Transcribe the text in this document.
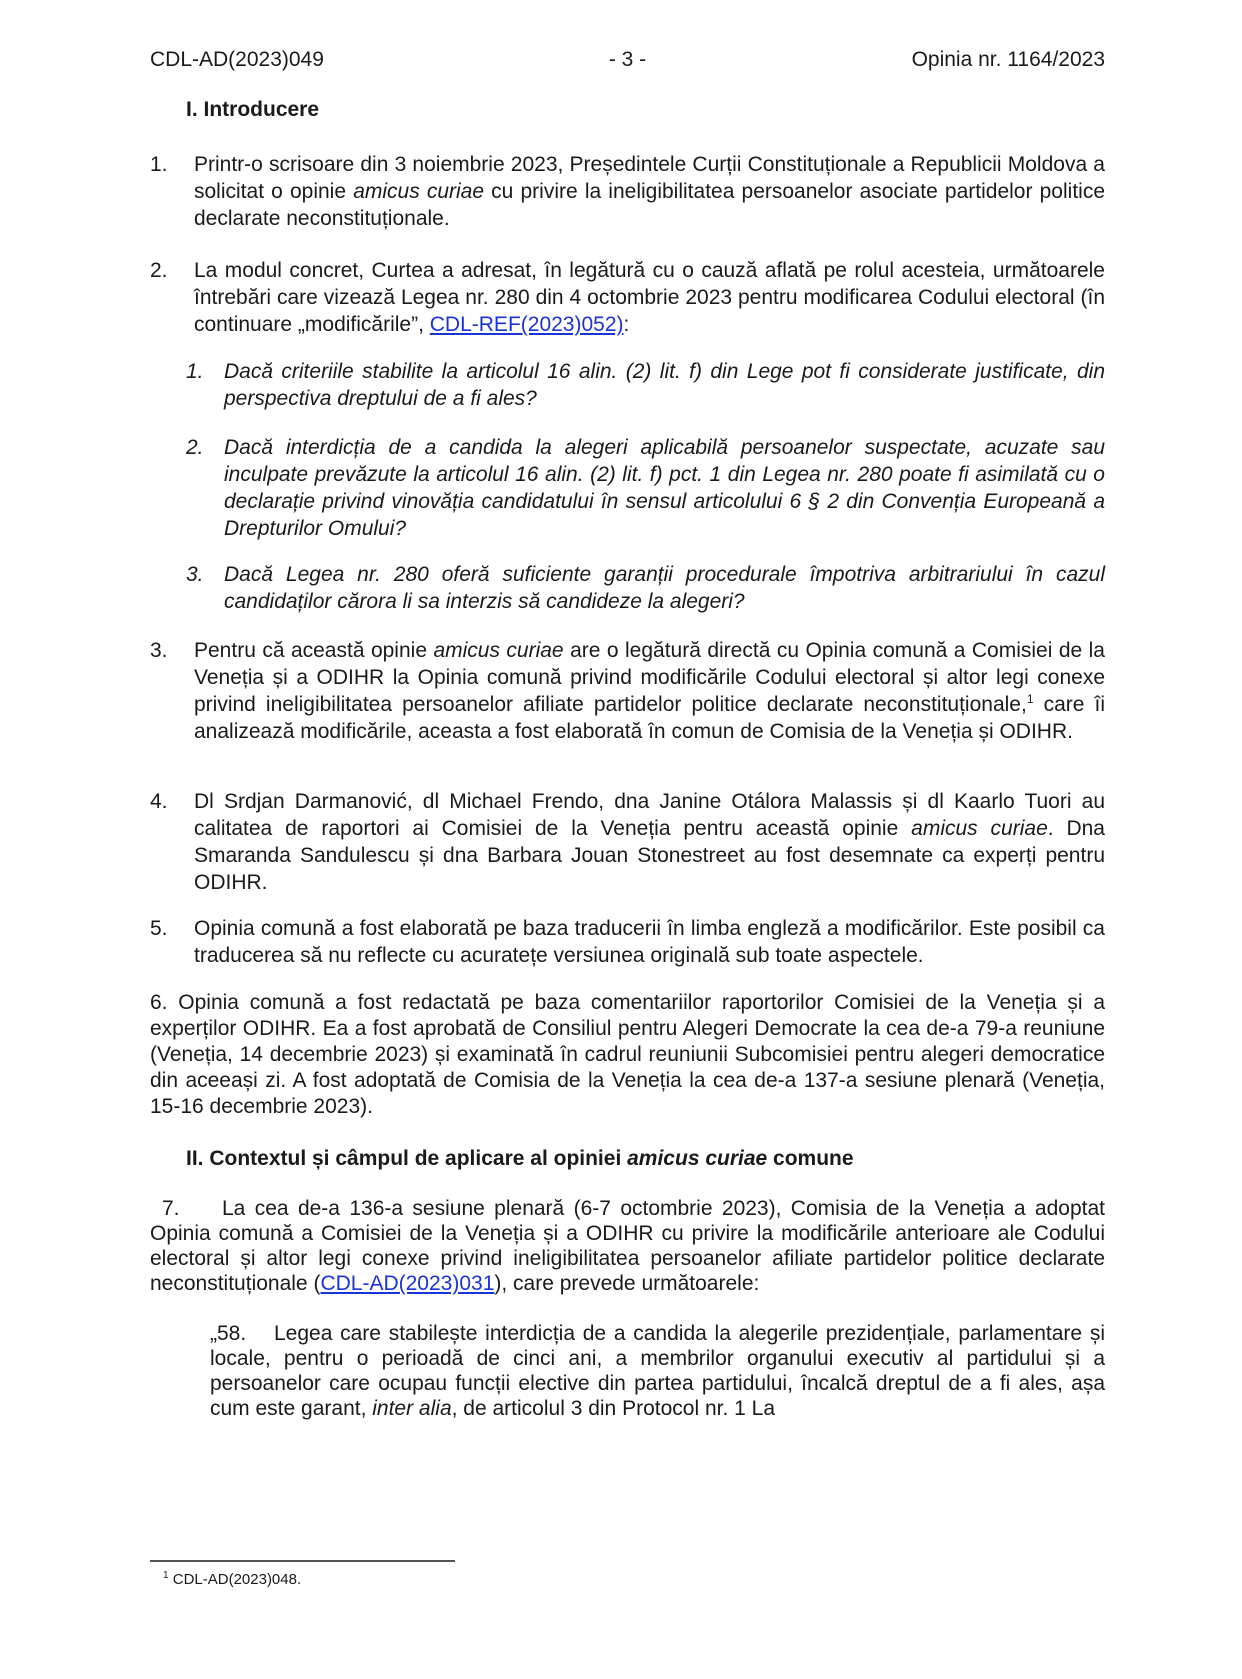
CDL-AD(2023)049	- 3 -	Opinia nr. 1164/2023
I. Introducere
1. Printr-o scrisoare din 3 noiembrie 2023, Președintele Curții Constituționale a Republicii Moldova a solicitat o opinie amicus curiae cu privire la ineligibilitatea persoanelor asociate partidelor politice declarate neconstituționale.
2. La modul concret, Curtea a adresat, în legătură cu o cauză aflată pe rolul acesteia, următoarele întrebări care vizează Legea nr. 280 din 4 octombrie 2023 pentru modificarea Codului electoral (în continuare „modificările”, CDL-REF(2023)052):
1. Dacă criteriile stabilite la articolul 16 alin. (2) lit. f) din Lege pot fi considerate justificate, din perspectiva dreptului de a fi ales?
2. Dacă interdicția de a candida la alegeri aplicabilă persoanelor suspectate, acuzate sau inculpate prevăzute la articolul 16 alin. (2) lit. f) pct. 1 din Legea nr. 280 poate fi asimilată cu o declarație privind vinovăția candidatului în sensul articolului 6 § 2 din Convenția Europeană a Drepturilor Omului?
3. Dacă Legea nr. 280 oferă suficiente garanții procedurale împotriva arbitrariului în cazul candidaților cărora li sa interzis să candideze la alegeri?
3. Pentru că această opinie amicus curiae are o legătură directă cu Opinia comună a Comisiei de la Veneția și a ODIHR la Opinia comună privind modificările Codului electoral și altor legi conexe privind ineligibilitatea persoanelor afiliate partidelor politice declarate neconstituționale,$^1$ care îi analizează modificările, aceasta a fost elaborată în comun de Comisia de la Veneția și ODIHR.
4. Dl Srdjan Darmanović, dl Michael Frendo, dna Janine Otálora Malassis și dl Kaarlo Tuori au calitatea de raportori ai Comisiei de la Veneția pentru această opinie amicus curiae. Dna Smaranda Sandulescu și dna Barbara Jouan Stonestreet au fost desemnate ca experți pentru ODIHR.
5. Opinia comună a fost elaborată pe baza traducerii în limba engleză a modificărilor. Este posibil ca traducerea să nu reflecte cu acuratețe versiunea originală sub toate aspectele.
6. Opinia comună a fost redactată pe baza comentariilor raportorilor Comisiei de la Veneția și a experților ODIHR. Ea a fost aprobată de Consiliul pentru Alegeri Democrate la cea de-a 79-a reuniune (Veneția, 14 decembrie 2023) și examinată în cadrul reuniunii Subcomisiei pentru alegeri democratice din aceeași zi. A fost adoptată de Comisia de la Veneția la cea de-a 137-a sesiune plenară (Veneția, 15-16 decembrie 2023).
II. Contextul și câmpul de aplicare al opiniei amicus curiae comune
7. La cea de-a 136-a sesiune plenară (6-7 octombrie 2023), Comisia de la Veneția a adoptat Opinia comună a Comisiei de la Veneția și a ODIHR cu privire la modificările anterioare ale Codului electoral și altor legi conexe privind ineligibilitatea persoanelor afiliate partidelor politice declarate neconstituționale (CDL-AD(2023)031), care prevede următoarele:
„58. Legea care stabilește interdicția de a candida la alegerile prezidențiale, parlamentare și locale, pentru o perioadă de cinci ani, a membrilor organului executiv al partidului și a persoanelor care ocupau funcții elective din partea partidului, încalcă dreptul de a fi ales, așa cum este garant, inter alia, de articolul 3 din Protocol nr. 1 La
$^1$ CDL-AD(2023)048.
